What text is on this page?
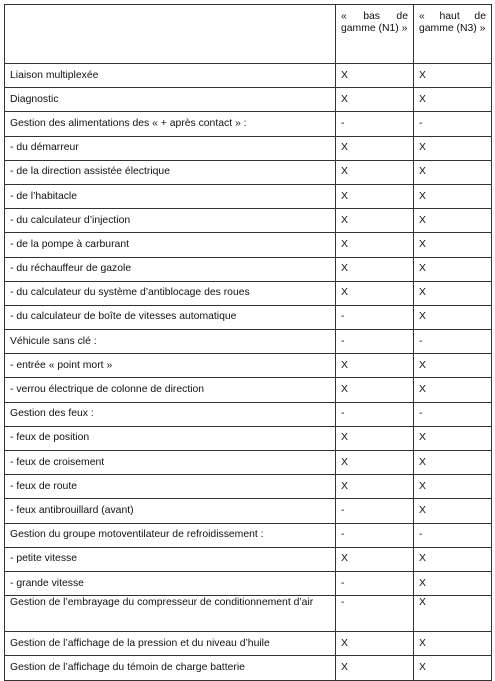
	« bas de gamme (N1) »	« haut de gamme (N3) »
Liaison multiplexée	X	X
Diagnostic	X	X
Gestion des alimentations des « + après contact » :	-	-
- du démarreur	X	X
- de la direction assistée électrique	X	X
- de l’habitacle	X	X
- du calculateur d’injection	X	X
- de la pompe à carburant	X	X
- du réchauffeur de gazole	X	X
- du calculateur du système d’antiblocage des roues	X	X
- du calculateur de boîte de vitesses automatique	-	X
Véhicule sans clé :	-	-
- entrée « point mort »	X	X
- verrou électrique de colonne de direction	X	X
Gestion des feux :	-	-
- feux de position	X	X
- feux de croisement	X	X
- feux de route	X	X
- feux antibrouillard (avant)	-	X
Gestion du groupe motoventilateur de refroidissement :	-	-
- petite vitesse	X	X
- grande vitesse	-	X
Gestion de l’embrayage du compresseur de conditionnement d’air	-	X
Gestion de l’affichage de la pression et du niveau d’huile	X	X
Gestion de l’affichage du témoin de charge batterie	X	X
